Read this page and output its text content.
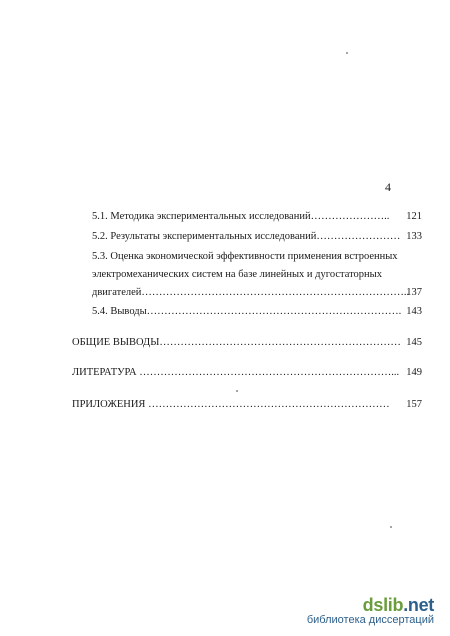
4
5.1. Методика экспериментальных исследований…………………..	121
5.2. Результаты экспериментальных исследований…………………… 133
5.3. Оценка экономической эффективности применения встроенных
электромеханических систем на базе линейных и дугостаторных
двигателей…………………………………………………………………..
137
5.4. Выводы………………………………………………………………. 143
ОБЩИЕ ВЫВОДЫ…………………………………………………………… 145
ЛИТЕРАТУРА ………………………………………………………………... 149
ПРИЛОЖЕНИЯ ……………………………………………………………	157
dslib.net
библиотека диссертаций
